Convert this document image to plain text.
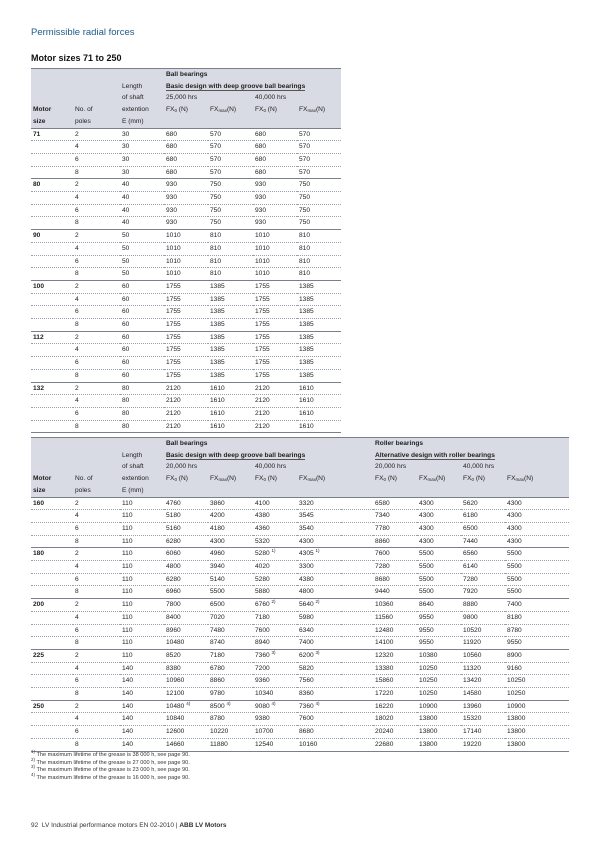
Permissible radial forces
Motor sizes 71 to 250
			Ball bearings			
		Length	Basic design with deep groove ball bearings			
		of shaft	25,000 hrs		40,000 hrs	
Motor	No. of	extention	$FX_0$ (N)	$FX_{max}(N)$	$FX_0$ (N)	$FX_{max}(N)$
size	poles	E (mm)				
71	2	30	680	570	680	570
	4	30	680	570	680	570
	6	30	680	570	680	570
	8	30	680	570	680	570
80	2	40	930	750	930	750
	4	40	930	750	930	750
	6	40	930	750	930	750
	8	40	930	750	930	750
90	2	50	1010	810	1010	810
	4	50	1010	810	1010	810
	6	50	1010	810	1010	810
	8	50	1010	810	1010	810
100	2	60	1755	1385	1755	1385
	4	60	1755	1385	1755	1385
	6	60	1755	1385	1755	1385
	8	60	1755	1385	1755	1385
112	2	60	1755	1385	1755	1385
	4	60	1755	1385	1755	1385
	6	60	1755	1385	1755	1385
	8	60	1755	1385	1755	1385
132	2	80	2120	1610	2120	1610
	4	80	2120	1610	2120	1610
	6	80	2120	1610	2120	1610
	8	80	2120	1610	2120	1610
			Ball bearings					Roller bearings			
		Length	Basic design with deep groove ball bearings					Alternative design with roller bearings			
		of shaft	20,000 hrs		40,000 hrs			20,000 hrs		40,000 hrs	
Motor	No. of	extention	$FX_0$ (N)	$FX_{max}(N)$	$FX_0$ (N)	$FX_{max}(N)$		$FX_0$ (N)	$FX_{max}(N)$	$FX_0$ (N)	$FX_{max}(N)$
size	poles	E (mm)									
160	2	110	4760	3860	4100	3320		6580	4300	5620	4300
	4	110	5180	4200	4380	3545		7340	4300	6180	4300
	6	110	5160	4180	4360	3540		7780	4300	6500	4300
	8	110	6280	4300	5320	4300		8860	4300	7440	4300
180	2	110	6060	4960	5280 $^{1)}$	4305 $^{1)}$		7600	5500	6560	5500
	4	110	4800	3940	4020	3300		7280	5500	6140	5500
	6	110	6280	5140	5280	4380		8680	5500	7280	5500
	8	110	6960	5500	5880	4800		9440	5500	7920	5500
200	2	110	7800	6500	6760 $^{2)}$	5640 $^{2)}$		10360	8640	8880	7400
	4	110	8400	7020	7180	5980		11560	9550	9800	8180
	6	110	8960	7480	7600	6340		12480	9550	10520	8780
	8	110	10480	8740	8940	7400		14100	9550	11920	9550
225	2	110	8520	7180	7360 $^{3)}$	6200 $^{3)}$		12320	10380	10560	8900
	4	140	8380	6780	7200	5820		13380	10250	11320	9160
	6	140	10960	8860	9360	7560		15860	10250	13420	10250
	8	140	12100	9780	10340	8360		17220	10250	14580	10250
250	2	140	10480 $^{4)}$	8500 $^{4)}$	9080 $^{4)}$	7360 $^{4)}$		16220	10900	13960	10900
	4	140	10840	8780	9380	7600		18020	13800	15320	13800
	6	140	12600	10220	10700	8680		20240	13800	17140	13800
	8	140	14660	11880	12540	10160		22680	13800	19220	13800
$^{1)}$ The maximum lifetime of the grease is 38 000 h, see page 90.
$^{2)}$ The maximum lifetime of the grease is 27 000 h, see page 90.
$^{3)}$ The maximum lifetime of the grease is 23 000 h, see page 90.
$^{4)}$ The maximum lifetime of the grease is 16 000 h, see page 90.
92 LV Industrial performance motors EN 02-2010 | ABB LV Motors
